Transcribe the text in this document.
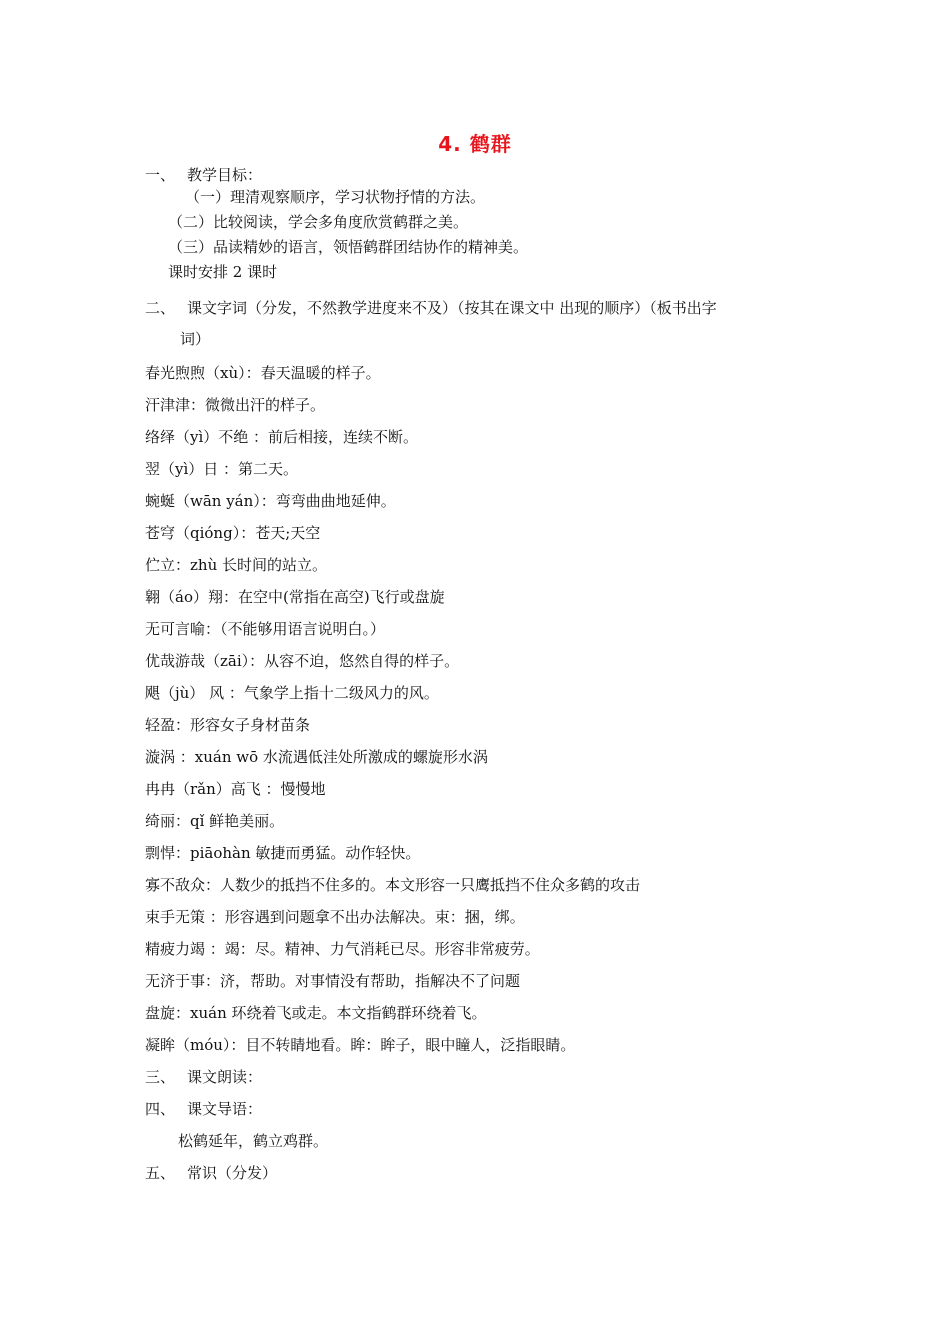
4. 鹤群
一、 教学目标：
（一）理清观察顺序，学习状物抒情的方法。
（二）比较阅读，学会多角度欣赏鹤群之美。
（三）品读精妙的语言，领悟鹤群团结协作的精神美。
课时安排 2 课时
二、 课文字词（分发，不然教学进度来不及）（按其在课文中 出现的顺序）（板书出字
词）
春光煦煦（xù）：春天温暖的样子。
汗津津：微微出汗的样子。
络绎（yì）不绝 ：前后相接，连续不断。
翌（yì）日 ：第二天。
蜿蜒（wān yán）：弯弯曲曲地延伸。
苍穹（qióng）：苍天;天空
伫立：zhù 长时间的站立。
翱（áo）翔：在空中(常指在高空)飞行或盘旋
无可言喻：（不能够用语言说明白。）
优哉游哉（zāi）：从容不迫，悠然自得的样子。
飓（jù） 风 ：气象学上指十二级风力的风。
轻盈：形容女子身材苗条
漩涡 ：xuán wō 水流遇低洼处所激成的螺旋形水涡
冉冉（rǎn）高飞 ：慢慢地
绮丽：qǐ 鲜艳美丽。
剽悍：piāohàn 敏捷而勇猛。动作轻快。
寡不敌众：人数少的抵挡不住多的。本文形容一只鹰抵挡不住众多鹤的攻击
束手无策 ：形容遇到问题拿不出办法解决。束：捆，绑。
精疲力竭 ：竭：尽。精神、力气消耗已尽。形容非常疲劳。
无济于事：济，帮助。对事情没有帮助，指解决不了问题
盘旋：xuán 环绕着飞或走。本文指鹤群环绕着飞。
凝眸（móu）：目不转睛地看。眸：眸子，眼中瞳人，泛指眼睛。
三、 课文朗读：
四、 课文导语：
松鹤延年，鹤立鸡群。
五、 常识（分发）
